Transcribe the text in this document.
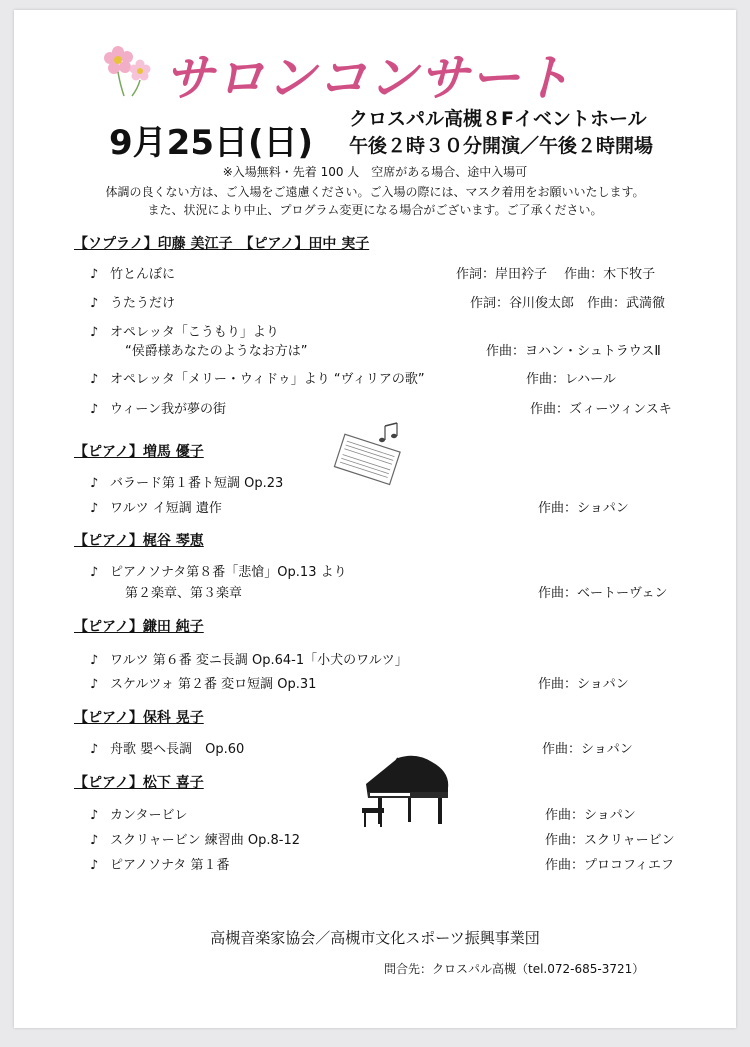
サロンコンサート
9月25日(日)
クロスパル高槻８Fイベントホール
午後２時３０分開演／午後２時開場
※入場無料・先着 100 人　空席がある場合、途中入場可
体調の良くない方は、ご入場をご遠慮ください。ご入場の際には、マスク着用をお願いいたします。
また、状況により中止、プログラム変更になる場合がございます。ご了承ください。
【ソプラノ】印藤 美江子　【ピアノ】田中 実子
♪ 竹とんぼに	作詞：岸田衿子　 作曲：木下牧子
♪ うたうだけ	作詞：谷川俊太郎　作曲：武満徹
♪ オペレッタ「こうもり」より
“侯爵様あなたのようなお方は”	作曲：ヨハン・シュトラウスⅡ
♪ オペレッタ「メリー・ウィドゥ」より “ヴィリアの歌”	作曲：レハール
♪ ウィーン我が夢の街	作曲：ズィーツィンスキ
【ピアノ】増馬 優子
♪ バラード第１番ト短調 Op.23
♪ ワルツ イ短調 遺作	作曲：ショパン
【ピアノ】梶谷 琴恵
♪ ピアノソナタ第８番「悲愴」Op.13 より
第２楽章、第３楽章	作曲：ベートーヴェン
【ピアノ】鎌田 純子
♪ ワルツ 第６番 変ニ長調 Op.64-1「小犬のワルツ」
♪ スケルツォ 第２番 変ロ短調 Op.31	作曲：ショパン
【ピアノ】保科 晃子
♪ 舟歌 嬰ヘ長調　Op.60	作曲：ショパン
【ピアノ】松下 喜子
♪ カンタービレ	作曲：ショパン
♪ スクリャービン 練習曲 Op.8-12	作曲：スクリャービン
♪ ピアノソナタ 第１番	作曲：プロコフィエフ
高槻音楽家協会／高槻市文化スポーツ振興事業団
問合先：クロスパル高槻（tel.072-685-3721）
